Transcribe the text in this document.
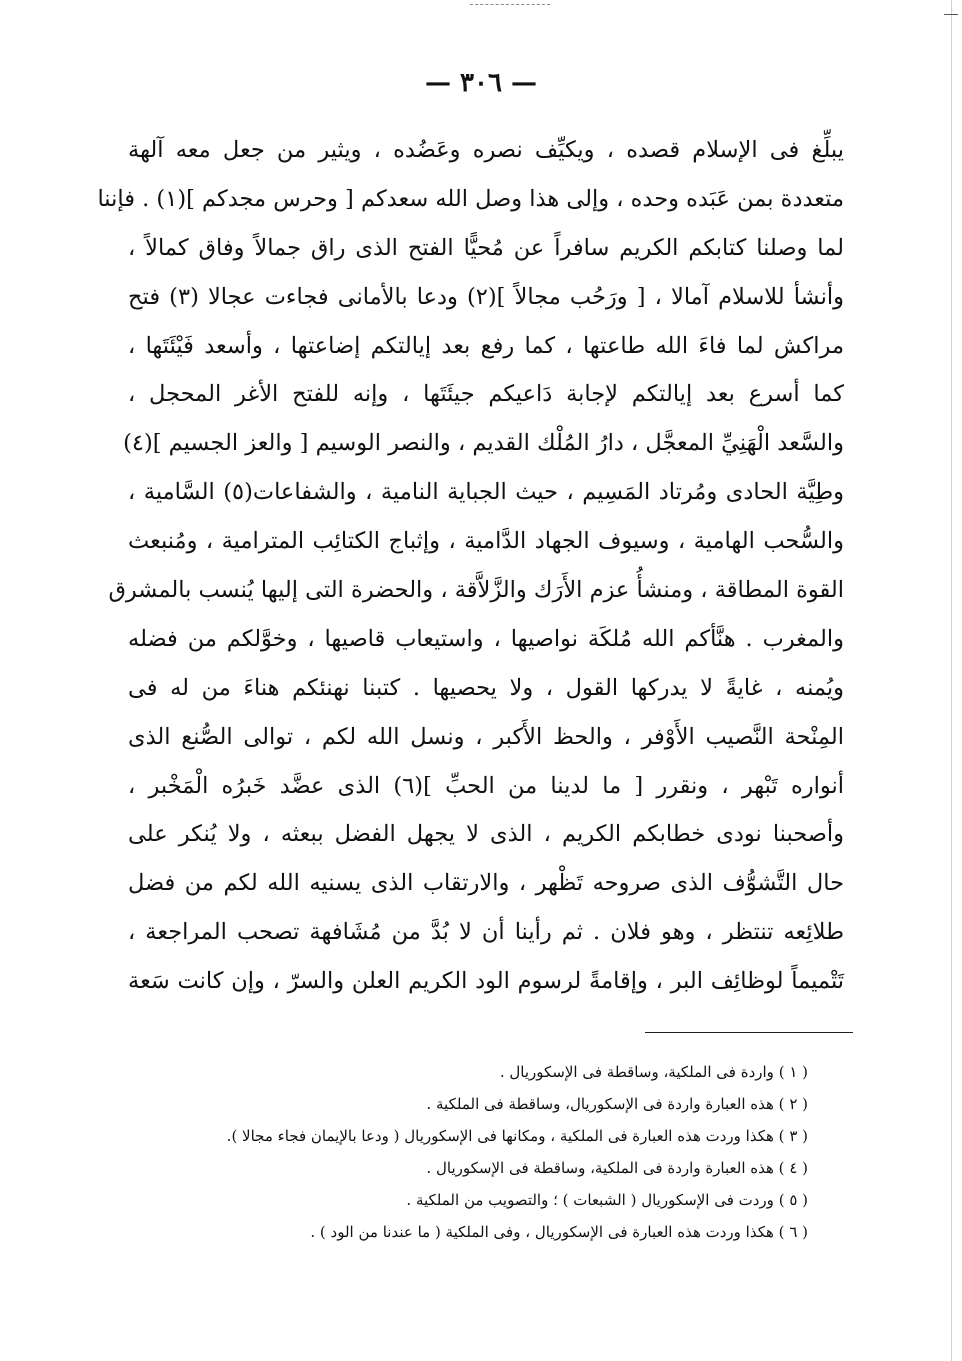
— ٣٠٦ —
يبلِّغ فى الإسلام قصده ، ويكيِّف نصره وعَضُده ، ويثير من جعل معه آلهة
متعددة بمن عَبَده وحده ، وإلى هذا وصل الله سعدكم [ وحرس مجدكم ](١) . فإننا
لما وصلنا كتابكم الكريم سافراً عن مُحيًّا الفتح الذى راق جمالاً وفاق كمالاً ،
وأنشأ للاسلام آمالا ، [ ورَحُب مجالاً ](٢) ودعا بالأمانى فجاءت عجالا (٣) فتح
مراكش لما فاءَ الله طاعتها ، كما رفع بعد إيالتكم إضاعتها ، وأسعد فَيْئَتَها ،
كما أسرع بعد إيالتكم لإجابة دَاعيكم جيئَتَها ، وإنه للفتح الأغر المحجل ،
والسَّعد الْهَنِيِّ المعجَّل ، دارُ المُلْك القديم ، والنصر الوسيم [ والعز الجسيم ](٤)
وطِيَّة الحادى ومُرتاد المَسِيم ، حيث الجباية النامية ، والشفاعات(٥) السَّامية ،
والسُّحب الهامية ، وسيوف الجهاد الدَّامية ، وإثباج الكتائِب المترامية ، ومُنبعث
القوة المطاقة ، ومنشأُ عزم الأَرَك والزَّلاَّقة ، والحضرة التى إليها يُنسب بالمشرق
والمغرب . هنَّأكم الله مُلكَة نواصيها ، واستيعاب قاصيها ، وخوَّلكم من فضله
ويُمنه ، غايةً لا يدركها القول ، ولا يحصيها . كتبنا نهنئكم هناءَ من له فى
المِنْحة النَّصيب الأَوْفر ، والحظ الأَكبر ، ونسل الله لكم ، توالى الصُّنع الذى
أنواره تَبْهر ، ونقرر [ ما لدينا من الحبِّ ](٦) الذى عضَّد خَبرُه الْمَخْبر ،
وأصحبنا نودى خطابكم الكريم ، الذى لا يجهل الفضل ببعثه ، ولا يُنكر على
حال التَّشوُّف الذى صروحه تَظْهر ، والارتقاب الذى يسنيه الله لكم من فضل
طلائِعه تنتظر ، وهو فلان . ثم رأينا أن لا بُدَّ من مُشَافهة تصحب المراجعة ،
تَتْميماً لوظائِف البر ، وإقامةً لرسوم الود الكريم العلن والسرّ ، وإن كانت سَعة
( ١ ) واردة فى الملكية، وساقطة فى الإسكوريال .
( ٢ ) هذه العبارة واردة فى الإسكوريال، وساقطة فى الملكية .
( ٣ ) هكذا وردت هذه العبارة فى الملكية ، ومكانها فى الإسكوريال ( ودعا بالإيمان فجاء مجالا ).
( ٤ ) هذه العبارة واردة فى الملكية، وساقطة فى الإسكوريال .
( ٥ ) وردت فى الإسكوريال ( الشبعات ) ؛ والتصويب من الملكية .
( ٦ ) هكذا وردت هذه العبارة فى الإسكوريال ، وفى الملكية ( ما عندنا من الود ) .
